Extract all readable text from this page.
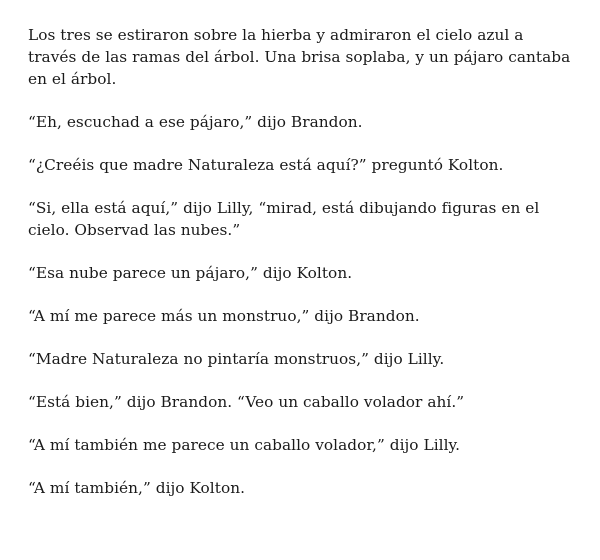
Los tres se estiraron sobre la hierba y admiraron el cielo azul a través de las ramas del árbol. Una brisa soplaba, y un pájaro cantaba en el árbol.

“Eh, escuchad a ese pájaro,” dijo Brandon.

“¿Creéis que madre Naturaleza está aquí?” preguntó Kolton.

“Si, ella está aquí,” dijo Lilly, “mirad, está dibujando figuras en el cielo. Observad las nubes.”

“Esa nube parece un pájaro,” dijo Kolton.

“A mí me parece más un monstruo,” dijo Brandon.

“Madre Naturaleza no pintaría monstruos,” dijo Lilly.

“Está bien,” dijo Brandon. “Veo un caballo volador ahí.”

“A mí también me parece un caballo volador,” dijo Lilly.

“A mí también,” dijo Kolton.
